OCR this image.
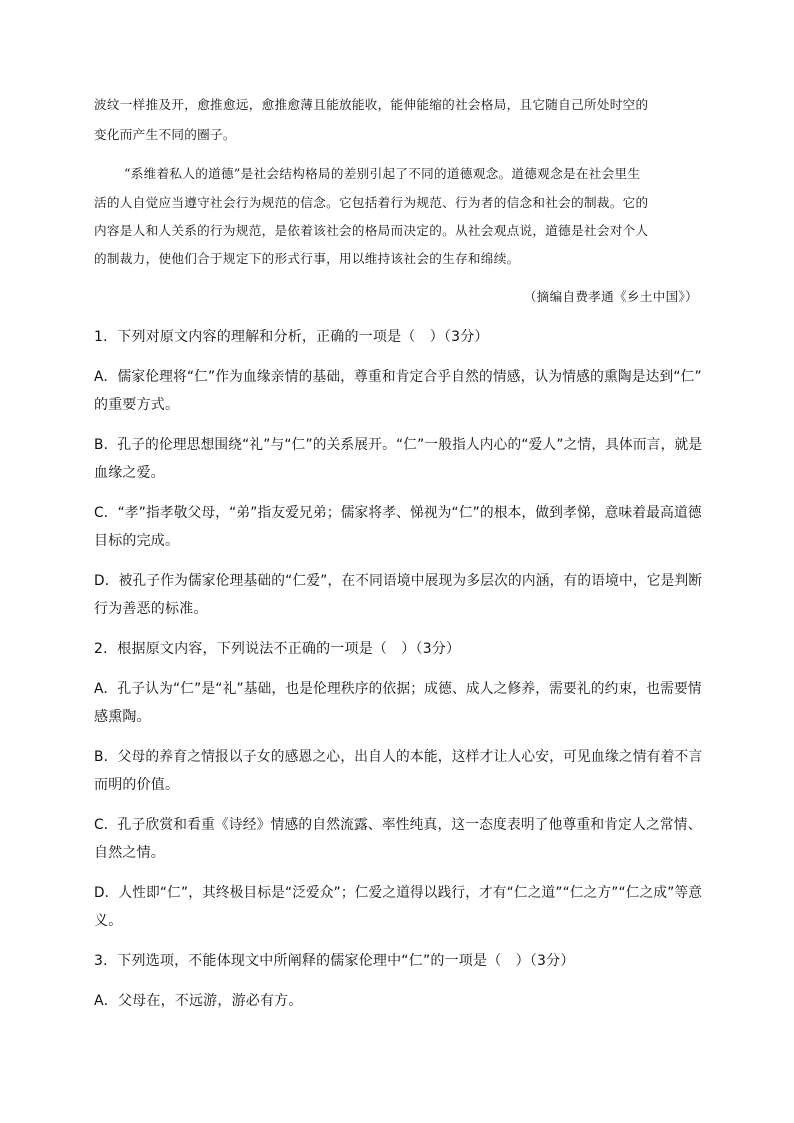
波纹一样推及开，愈推愈远，愈推愈薄且能放能收，能伸能缩的社会格局，且它随自己所处时空的
变化而产生不同的圈子。
“系维着私人的道德”是社会结构格局的差别引起了不同的道德观念。道德观念是在社会里生
活的人自觉应当遵守社会行为规范的信念。它包括着行为规范、行为者的信念和社会的制裁。它的
内容是人和人关系的行为规范，是依着该社会的格局而决定的。从社会观点说，道德是社会对个人
的制裁力，使他们合于规定下的形式行事，用以维持该社会的生存和绵续。
（摘编自费孝通《乡土中国》）
1．下列对原文内容的理解和分析，正确的一项是（　）（3分）
A．儒家伦理将“仁”作为血缘亲情的基础，尊重和肯定合乎自然的情感，认为情感的熏陶是达到“仁”
的重要方式。
B．孔子的伦理思想围绕“礼”与“仁”的关系展开。“仁”一般指人内心的“爱人”之情，具体而言，就是
血缘之爱。
C．“孝”指孝敬父母，“弟”指友爱兄弟；儒家将孝、悌视为“仁”的根本，做到孝悌，意味着最高道德
目标的完成。
D．被孔子作为儒家伦理基础的“仁爱”，在不同语境中展现为多层次的内涵，有的语境中，它是判断
行为善恶的标准。
2．根据原文内容，下列说法不正确的一项是（　）（3分）
A．孔子认为“仁”是“礼”基础，也是伦理秩序的依据；成德、成人之修养，需要礼的约束，也需要情
感熏陶。
B．父母的养育之情报以子女的感恩之心，出自人的本能，这样才让人心安，可见血缘之情有着不言
而明的价值。
C．孔子欣赏和看重《诗经》情感的自然流露、率性纯真，这一态度表明了他尊重和肯定人之常情、
自然之情。
D．人性即“仁”，其终极目标是“泛爱众”；仁爱之道得以践行，才有“仁之道”“仁之方”“仁之成”等意
义。
3．下列选项，不能体现文中所阐释的儒家伦理中“仁”的一项是（　）（3分）
A．父母在，不远游，游必有方。
